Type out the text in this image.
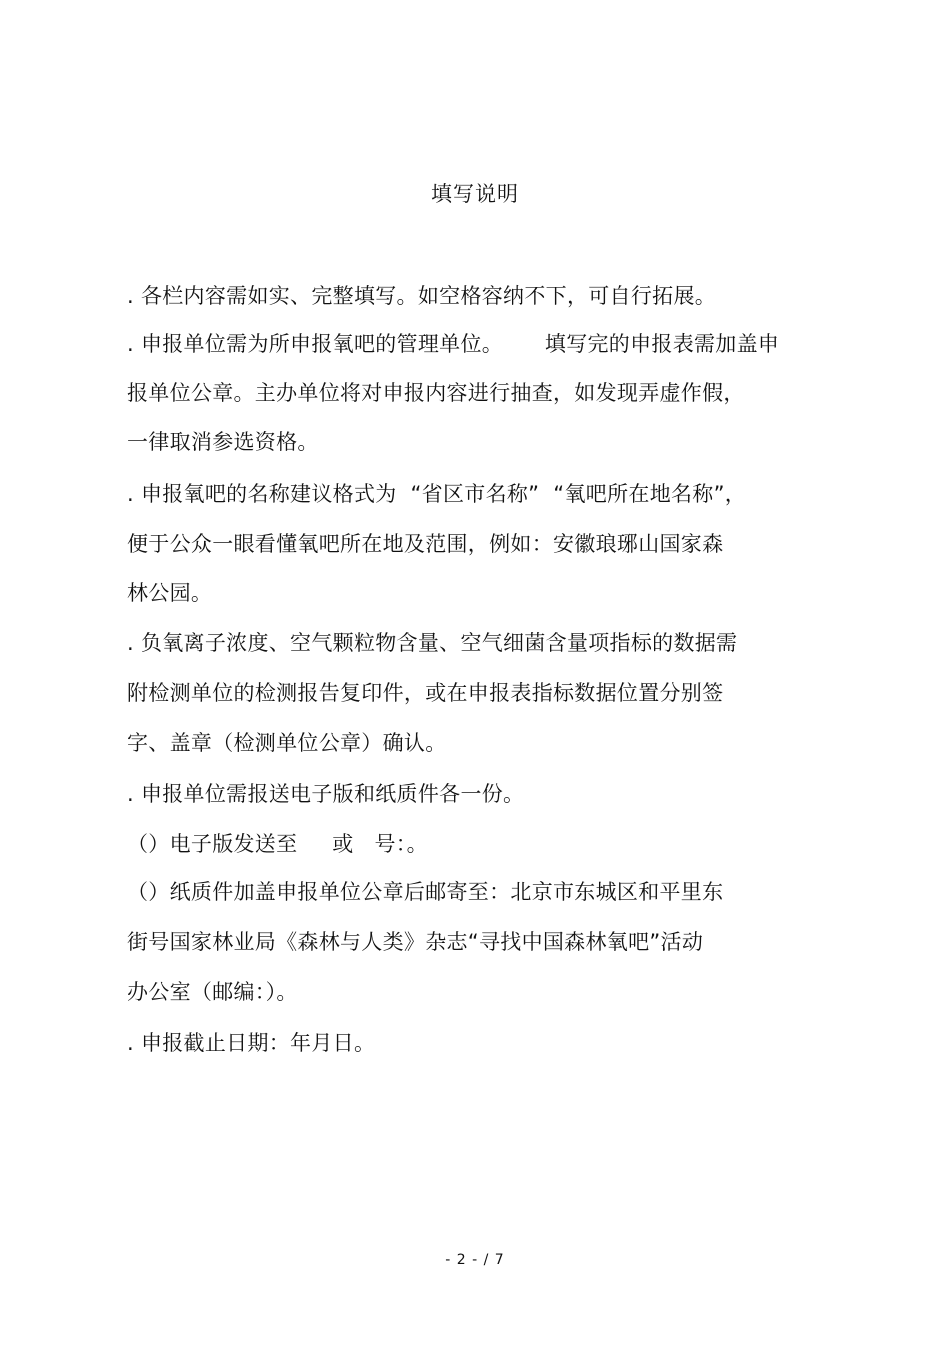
填写说明
. 各栏内容需如实、完整填写。如空格容纳不下，可自行拓展。
. 申报单位需为所申报氧吧的管理单位。      填写完的申报表需加盖申
报单位公章。主办单位将对申报内容进行抽查，如发现弄虚作假，
一律取消参选资格。
. 申报氧吧的名称建议格式为  “省区市名称”  “氧吧所在地名称”，
便于公众一眼看懂氧吧所在地及范围，例如：安徽琅琊山国家森
林公园。
. 负氧离子浓度、空气颗粒物含量、空气细菌含量项指标的数据需
附检测单位的检测报告复印件，或在申报表指标数据位置分别签
字、盖章（检测单位公章）确认。
. 申报单位需报送电子版和纸质件各一份。
（）电子版发送至     或   号：。
（）纸质件加盖申报单位公章后邮寄至：北京市东城区和平里东
街号国家林业局《森林与人类》杂志“寻找中国森林氧吧”活动
办公室（邮编：）。
. 申报截止日期：年月日。
- 2 - / 7
